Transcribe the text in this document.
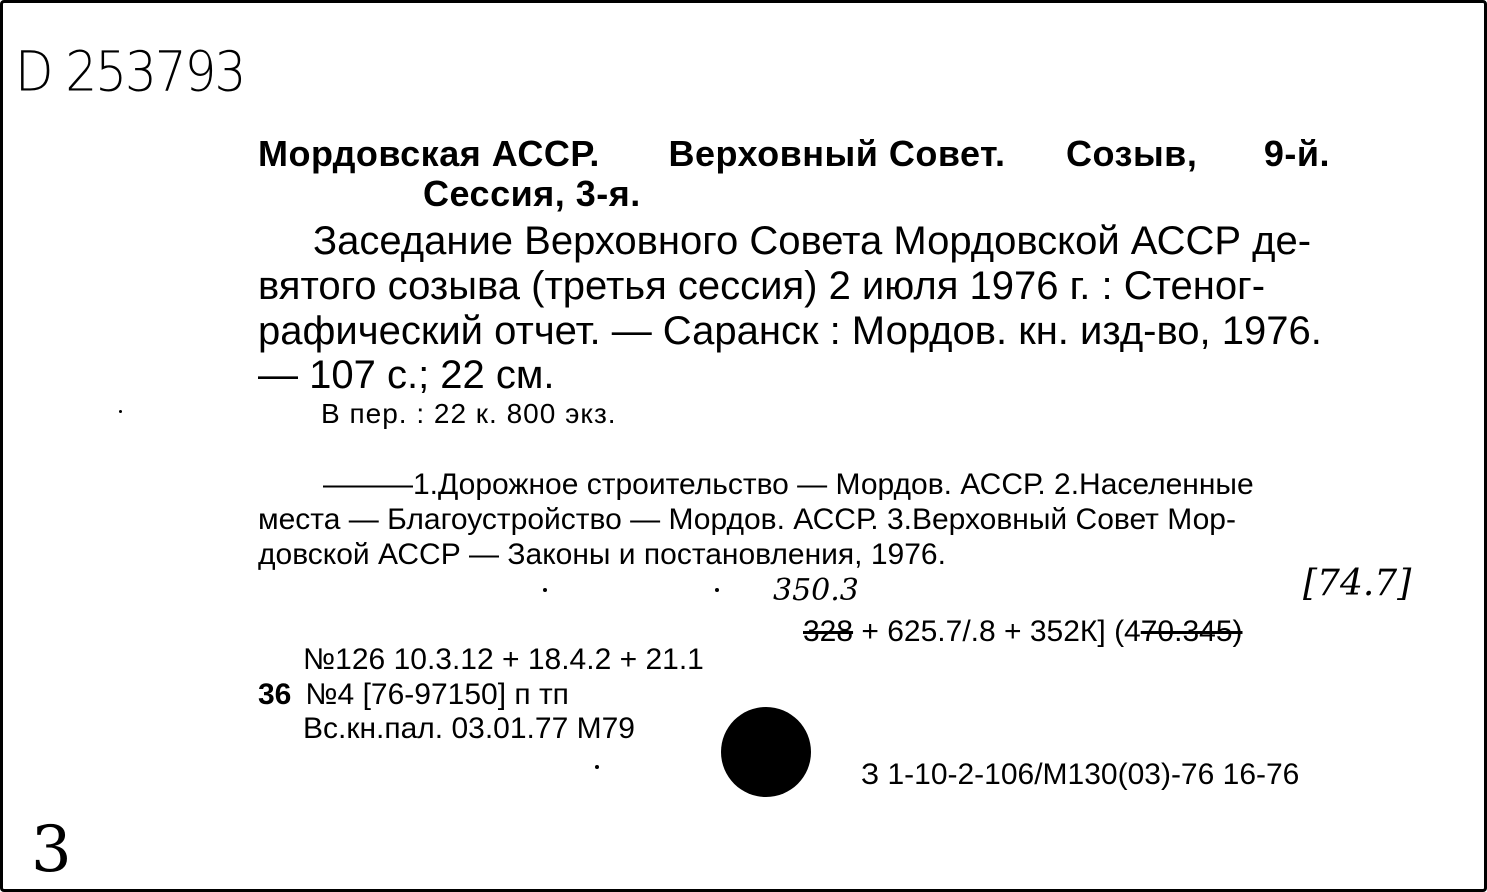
D 253793
Мордовская АССР. Верховный Совет. Созыв, 9-й.
Сессия, 3-я.
Заседание Верховного Совета Мордовской АССР де-
вятого созыва (третья сессия) 2 июля 1976 г. : Стеног-
рафический отчет. — Саранск : Мордов. кн. изд-во, 1976.
— 107 с.; 22 см.
В пер. : 22 к. 800 экз.
———1.Дорожное строительство — Мордов. АССР. 2.Населенные
места — Благоустройство — Мордов. АССР. 3.Верховный Совет Мор-
довской АССР — Законы и постановления, 1976.
350.3	[74.7]
328 + 625.7/.8 + 352К] (470.345)
№126 10.3.12 + 18.4.2 + 21.1
36 №4 [76-97150] п тп
Вс.кн.пал. 03.01.77 М79
З 1-10-2-106/М130(03)-76 16-76
3
